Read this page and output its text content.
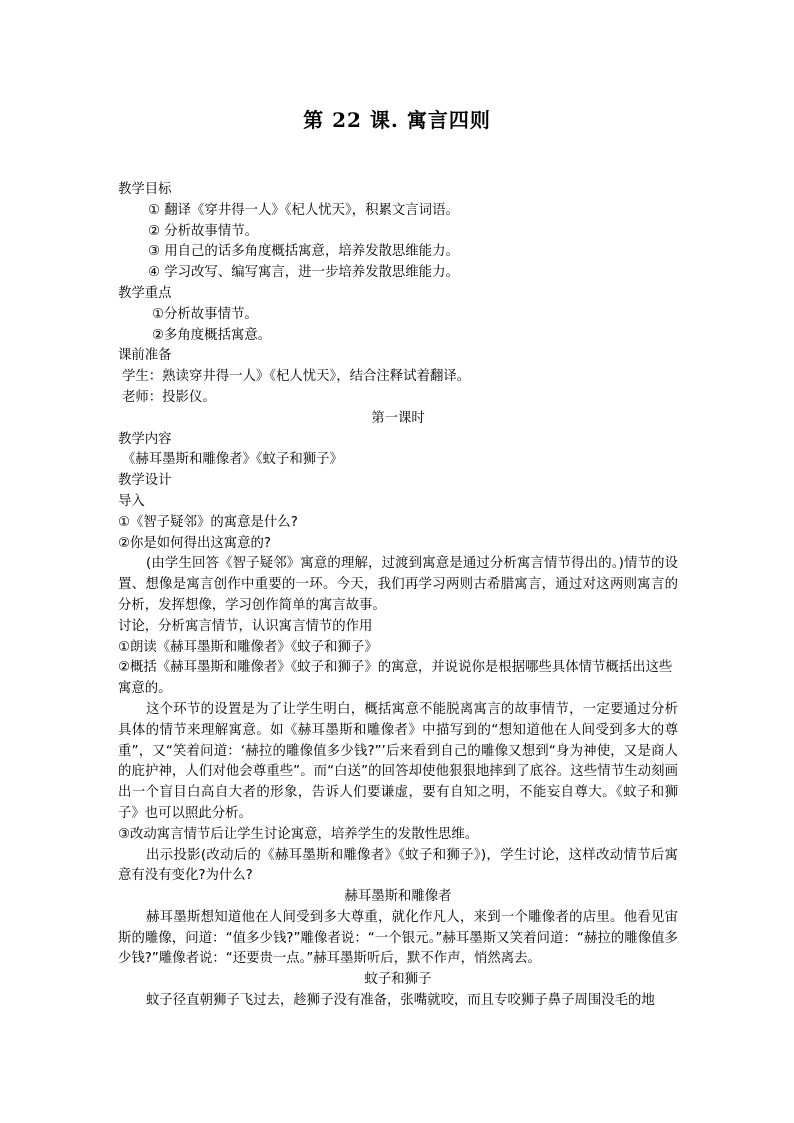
第 22 课. 寓言四则

教学目标

① 翻译《穿井得一人》《杞人忧天》，积累文言词语。

② 分析故事情节。

③ 用自己的话多角度概括寓意，培养发散思维能力。

④ 学习改写、编写寓言，进一步培养发散思维能力。

教学重点

①分析故事情节。

②多角度概括寓意。

课前准备

学生：熟读穿井得一人》《杞人忧天》，结合注释试着翻译。

老师：投影仪。

第一课时

教学内容

《赫耳墨斯和雕像者》《蚊子和狮子》

教学设计

导入

①《智子疑邻》的寓意是什么?

②你是如何得出这寓意的?

(由学生回答《智子疑邻》寓意的理解，过渡到寓意是通过分析寓言情节得出的。)情节的设置、想像是寓言创作中重要的一环。今天，我们再学习两则古希腊寓言，通过对这两则寓言的分析，发挥想像，学习创作简单的寓言故事。

讨论，分析寓言情节，认识寓言情节的作用

①朗读《赫耳墨斯和雕像者》《蚊子和狮子》

②概括《赫耳墨斯和雕像者》《蚊子和狮子》的寓意，并说说你是根据哪些具体情节概括出这些寓意的。

这个环节的设置是为了让学生明白，概括寓意不能脱离寓言的故事情节，一定要通过分析具体的情节来理解寓意。如《赫耳墨斯和雕像者》中描写到的“想知道他在人间受到多大的尊重”，又“笑着问道：‘赫拉的雕像值多少钱?”’后来看到自己的雕像又想到“身为神使，又是商人的庇护神，人们对他会尊重些”。而“白送”的回答却使他狠狠地摔到了底谷。这些情节生动刻画出一个盲目白高自大者的形象，告诉人们要谦虚，要有自知之明，不能妄自尊大。《蚊子和狮子》也可以照此分析。

③改动寓言情节后让学生讨论寓意，培养学生的发散性思维。

出示投影(改动后的《赫耳墨斯和雕像者》《蚊子和狮子》)，学生讨论，这样改动情节后寓意有没有变化?为什么?

赫耳墨斯和雕像者

赫耳墨斯想知道他在人间受到多大尊重，就化作凡人，来到一个雕像者的店里。他看见宙斯的雕像，问道：“值多少钱?”雕像者说：“一个银元。”赫耳墨斯又笑着问道：“赫拉的雕像值多少钱?”雕像者说：“还要贵一点。”赫耳墨斯听后，默不作声，悄然离去。

蚊子和狮子

蚊子径直朝狮子飞过去，趁狮子没有准备，张嘴就咬，而且专咬狮子鼻子周围没毛的地
